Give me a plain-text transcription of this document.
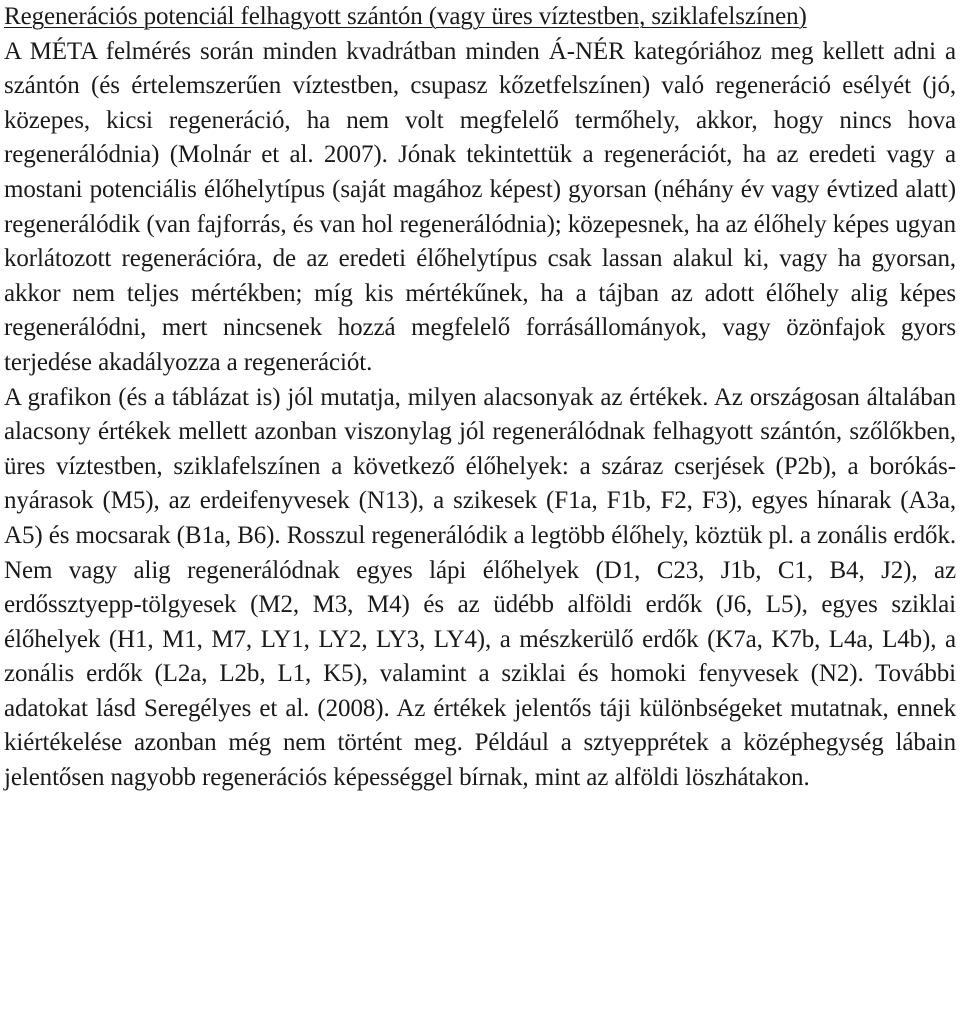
Regenerációs potenciál felhagyott szántón (vagy üres víztestben, sziklafelszínen)

A MÉTA felmérés során minden kvadrátban minden Á-NÉR kategóriához meg kellett adni a szántón (és értelemszerűen víztestben, csupasz kőzetfelszínen) való regeneráció esélyét (jó, közepes, kicsi regeneráció, ha nem volt megfelelő termőhely, akkor, hogy nincs hova regenerálódnia) (Molnár et al. 2007). Jónak tekintettük a regenerációt, ha az eredeti vagy a mostani potenciális élőhelytípus (saját magához képest) gyorsan (néhány év vagy évtized alatt) regenerálódik (van fajforrás, és van hol regenerálódnia); közepesnek, ha az élőhely képes ugyan korlátozott regenerációra, de az eredeti élőhelytípus csak lassan alakul ki, vagy ha gyorsan, akkor nem teljes mértékben; míg kis mértékűnek, ha a tájban az adott élőhely alig képes regenerálódni, mert nincsenek hozzá megfelelő forrásállományok, vagy özönfajok gyors terjedése akadályozza a regenerációt.

A grafikon (és a táblázat is) jól mutatja, milyen alacsonyak az értékek. Az országosan általában alacsony értékek mellett azonban viszonylag jól regenerálódnak felhagyott szántón, szőlőkben, üres víztestben, sziklafelszínen a következő élőhelyek: a száraz cserjések (P2b), a borókás-nyárasok (M5), az erdeifenyvesek (N13), a szikesek (F1a, F1b, F2, F3), egyes hínarak (A3a, A5) és mocsarak (B1a, B6). Rosszul regenerálódik a legtöbb élőhely, köztük pl. a zonális erdők. Nem vagy alig regenerálódnak egyes lápi élőhelyek (D1, C23, J1b, C1, B4, J2), az erdőssztyepp-tölgyesek (M2, M3, M4) és az üdébb alföldi erdők (J6, L5), egyes sziklai élőhelyek (H1, M1, M7, LY1, LY2, LY3, LY4), a mészkerülő erdők (K7a, K7b, L4a, L4b), a zonális erdők (L2a, L2b, L1, K5), valamint a sziklai és homoki fenyvesek (N2). További adatokat lásd Seregélyes et al. (2008). Az értékek jelentős táji különbségeket mutatnak, ennek kiértékelése azonban még nem történt meg. Például a sztyepprétek a középhegység lábain jelentősen nagyobb regenerációs képességgel bírnak, mint az alföldi löszhátakon.
